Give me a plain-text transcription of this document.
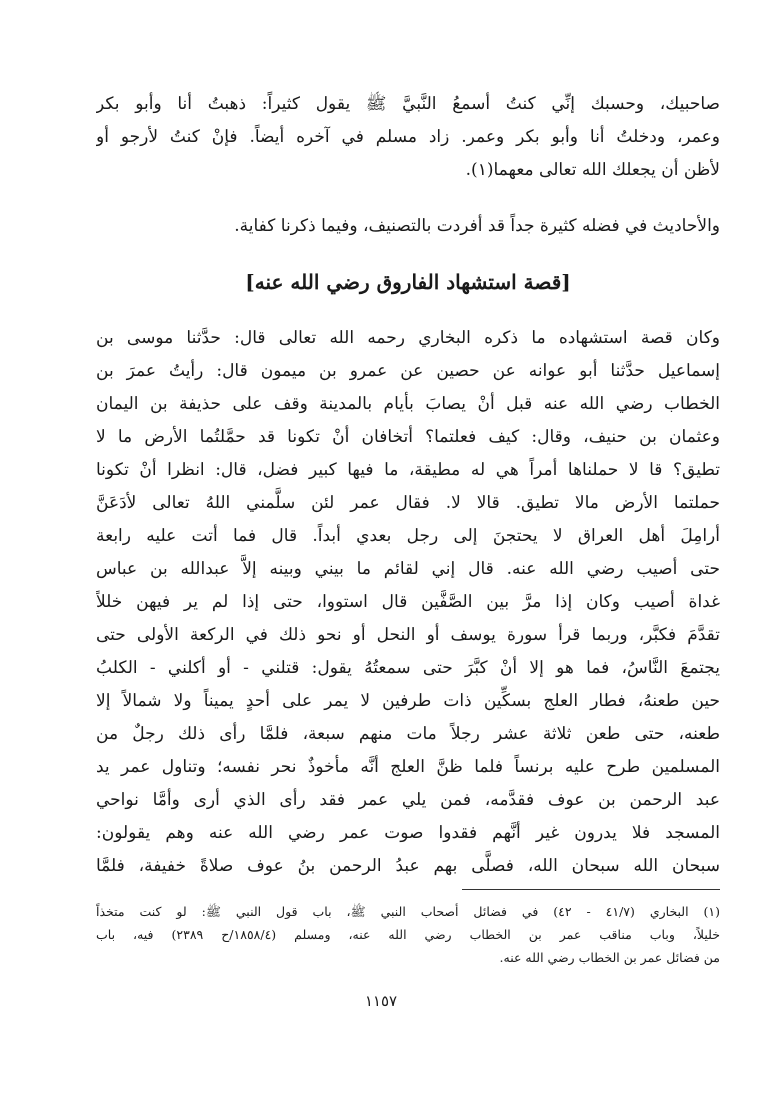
صاحبيك، وحسبك إنِّي كنتُ أسمعُ النَّبيَّ ﷺ يقول كثيراً: ذهبتُ أنا وأبو بكر
وعمر، ودخلتُ أنا وأبو بكر وعمر. زاد مسلم في آخره أيضاً. فإنْ كنتُ لأرجو أو
لأظن أن يجعلك الله تعالى معهما(١).
والأحاديث في فضله كثيرة جداً قد أفردت بالتصنيف، وفيما ذكرنا كفاية.
[قصة استشهاد الفاروق رضي الله عنه]
وكان قصة استشهاده ما ذكره البخاري رحمه الله تعالى قال: حدَّثنا موسى بن
إسماعيل حدَّثنا أبو عوانه عن حصين عن عمرو بن ميمون قال: رأيتُ عمرَ بن
الخطاب رضي الله عنه قبل أنْ يصابَ بأيام بالمدينة وقف على حذيفة بن اليمان
وعثمان بن حنيف، وقال: كيف فعلتما؟ أتخافان أنْ تكونا قد حمَّلتُما الأرض ما لا
تطيق؟ قا لا حملناها أمراً هي له مطيقة، ما فيها كبير فضل، قال: انظرا أنْ تكونا
حملتما الأرض مالا تطيق. قالا لا. فقال عمر لئن سلَّمني اللهُ تعالى لأدَعَنَّ
أرامِلَ أهل العراق لا يحتجنَ إلى رجل بعدي أبداً. قال فما أتت عليه رابعة
حتى أصيب رضي الله عنه. قال إني لقائم ما بيني وبينه إلاَّ عبدالله بن عباس
غداة أصيب وكان إذا مرَّ بين الصَّفَّين قال استووا، حتى إذا لم ير فيهن خللاً
تقدَّمَ فكبَّر، وربما قرأ سورة يوسف أو النحل أو نحو ذلك في الركعة الأولى حتى
يجتمعَ النَّاسُ، فما هو إلا أنْ كبَّرَ حتى سمعتُهُ يقول: قتلني - أو أكلني - الكلبُ
حين طعنهُ، فطار العلج بسكِّين ذات طرفين لا يمر على أحدٍ يميناً ولا شمالاً إلا
طعنه، حتى طعن ثلاثة عشر رجلاً مات منهم سبعة، فلمَّا رأى ذلك رجلٌ من
المسلمين طرح عليه برنساً فلما ظنَّ العلج أنَّه مأخوذٌ نحر نفسه؛ وتناول عمر يد
عبد الرحمن بن عوف فقدَّمه، فمن يلي عمر فقد رأى الذي أرى وأمَّا نواحي
المسجد فلا يدرون غير أنَّهم فقدوا صوت عمر رضي الله عنه وهم يقولون:
سبحان الله سبحان الله، فصلَّى بهم عبدُ الرحمن بنُ عوف صلاةً خفيفة، فلمَّا
(١) البخاري (٤١/٧ - ٤٢) في فضائل أصحاب النبي ﷺ، باب قول النبي ﷺ: لو كنت متخذاً
خليلاً، وباب مناقب عمر بن الخطاب رضي الله عنه، ومسلم (١٨٥٨/٤/ح ٢٣٨٩) فيه، باب
من فضائل عمر بن الخطاب رضي الله عنه.
١١٥٧
